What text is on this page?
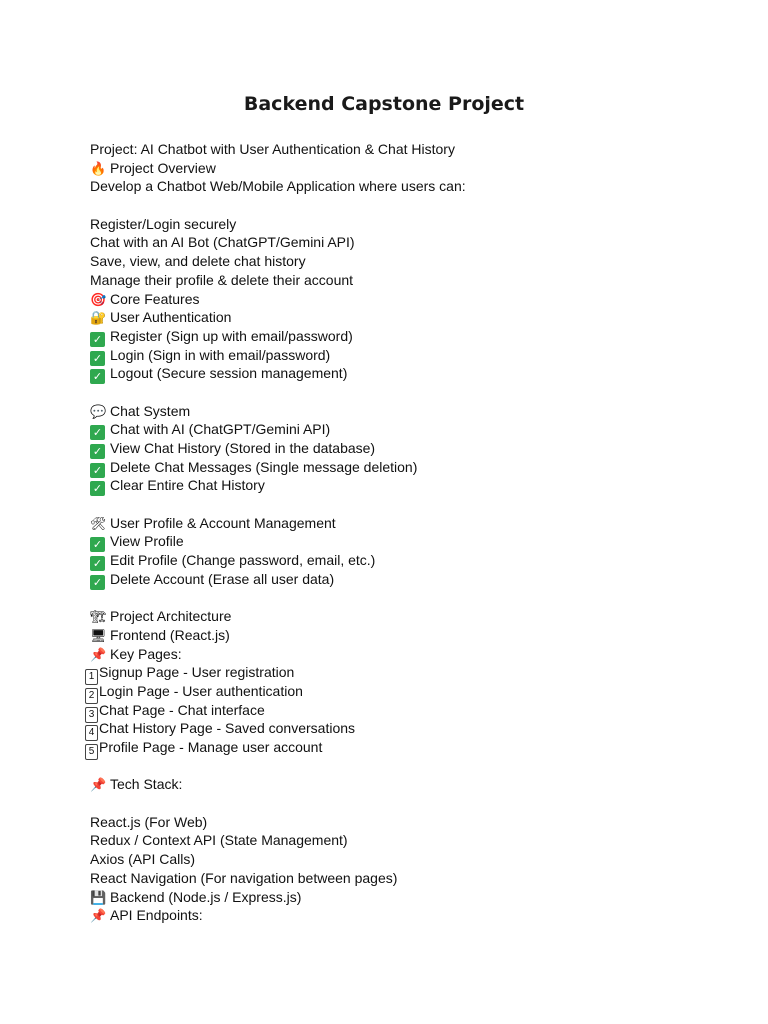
Backend Capstone Project
Project: AI Chatbot with User Authentication & Chat History
🔥 Project Overview
Develop a Chatbot Web/Mobile Application where users can:
Register/Login securely
Chat with an AI Bot (ChatGPT/Gemini API)
Save, view, and delete chat history
Manage their profile & delete their account
🎯 Core Features
🔐 User Authentication
✓ Register (Sign up with email/password)
✓ Login (Sign in with email/password)
✓ Logout (Secure session management)
💬 Chat System
✓ Chat with AI (ChatGPT/Gemini API)
✓ View Chat History (Stored in the database)
✓ Delete Chat Messages (Single message deletion)
✓ Clear Entire Chat History
🛠 User Profile & Account Management
✓ View Profile
✓ Edit Profile (Change password, email, etc.)
✓ Delete Account (Erase all user data)
🏗 Project Architecture
🖥 Frontend (React.js)
📌 Key Pages:
1 Signup Page - User registration
2 Login Page - User authentication
3 Chat Page - Chat interface
4 Chat History Page - Saved conversations
5 Profile Page - Manage user account
📌 Tech Stack:
React.js (For Web)
Redux / Context API (State Management)
Axios (API Calls)
React Navigation (For navigation between pages)
💾 Backend (Node.js / Express.js)
📌 API Endpoints:
